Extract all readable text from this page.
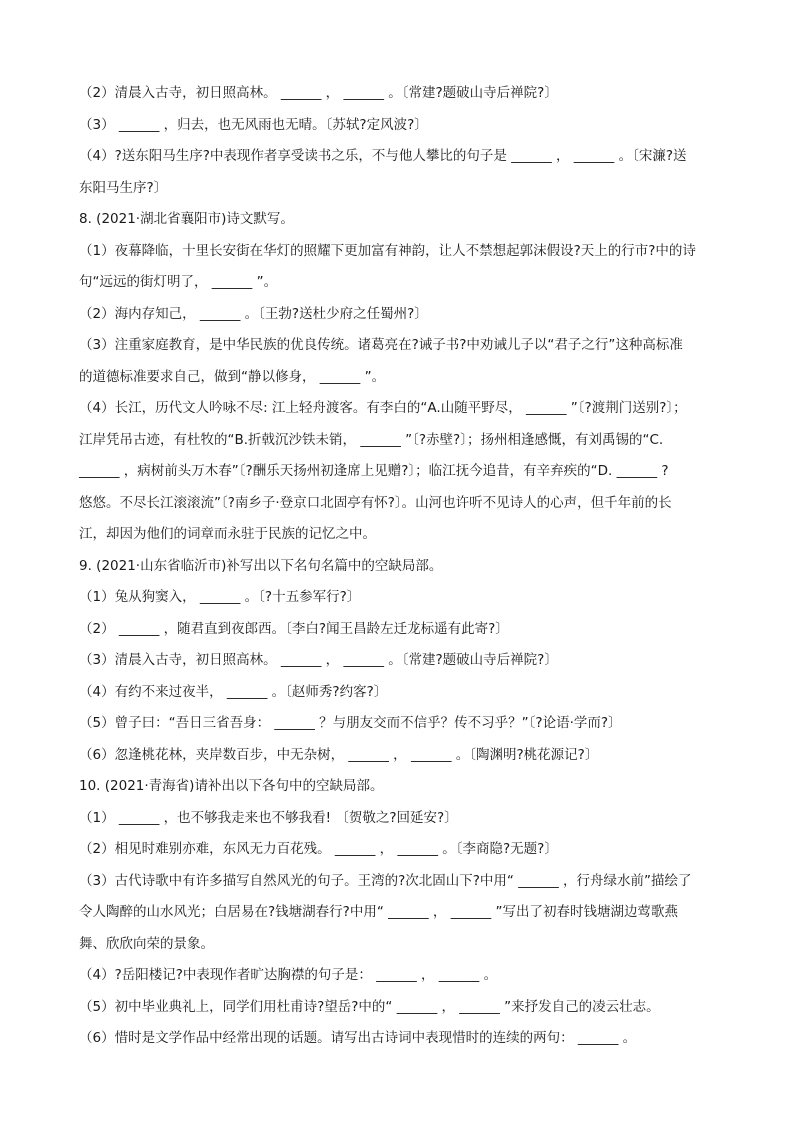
（2）清晨入古寺，初日照高林。 ______ ， ______ 。〔常建?题破山寺后禅院?〕
（3） ______ ，归去，也无风雨也无晴。〔苏轼?定风波?〕
（4）?送东阳马生序?中表现作者享受读书之乐，不与他人攀比的句子是 ______ ， ______ 。〔宋濂?送
东阳马生序?〕
8. (2021·湖北省襄阳市)诗文默写。
（1）夜幕降临，十里长安街在华灯的照耀下更加富有神韵，让人不禁想起郭沫假设?天上的行市?中的诗
句“远远的街灯明了， ______ ”。
（2）海内存知己， ______ 。〔王勃?送杜少府之任蜀州?〕
（3）注重家庭教育，是中华民族的优良传统。诸葛亮在?诫子书?中劝诫儿子以“君子之行”这种高标准
的道德标准要求自己，做到“静以修身， ______ ”。
（4）长江，历代文人吟咏不尽: 江上轻舟渡客。有李白的“A.山随平野尽， ______ ”〔?渡荆门送别?〕；
江岸凭吊古迹，有杜牧的“B.折戟沉沙铁未销， ______ ”〔?赤壁?〕；扬州相逢感慨，有刘禹锡的“C.
______ ，病树前头万木春”〔?酬乐天扬州初逢席上见赠?〕；临江抚今追昔，有辛弃疾的“D. ______ ?
悠悠。不尽长江滚滚流”〔?南乡子·登京口北固亭有怀?〕。山河也许听不见诗人的心声，但千年前的长
江，却因为他们的词章而永驻于民族的记忆之中。
9. (2021·山东省临沂市)补写出以下名句名篇中的空缺局部。
（1）兔从狗窦入， ______ 。〔?十五参军行?〕
（2） ______ ，随君直到夜郎西。〔李白?闻王昌龄左迁龙标遥有此寄?〕
（3）清晨入古寺，初日照高林。 ______ ， ______ 。〔常建?题破山寺后禅院?〕
（4）有约不来过夜半， ______ 。〔赵师秀?约客?〕
（5）曾子曰：“吾日三省吾身： ______ ？与朋友交而不信乎？传不习乎？”〔?论语·学而?〕
（6）忽逢桃花林，夹岸数百步，中无杂树， ______ ， ______ 。〔陶渊明?桃花源记?〕
10. (2021·青海省)请补出以下各句中的空缺局部。
（1） ______ ，也不够我走来也不够我看! 〔贺敬之?回延安?〕
（2）相见时难别亦难，东风无力百花残。 ______ ， ______ 。〔李商隐?无题?〕
（3）古代诗歌中有许多描写自然风光的句子。王湾的?次北固山下?中用“ ______ ，行舟绿水前”描绘了
令人陶醉的山水风光；白居易在?钱塘湖春行?中用“ ______ ， ______ ”写出了初春时钱塘湖边莺歌燕
舞、欣欣向荣的景象。
（4）?岳阳楼记?中表现作者旷达胸襟的句子是： ______ ， ______ 。
（5）初中毕业典礼上，同学们用杜甫诗?望岳?中的“ ______ ， ______ ”来抒发自己的凌云壮志。
（6）惜时是文学作品中经常出现的话题。请写出古诗词中表现惜时的连续的两句： ______ 。
